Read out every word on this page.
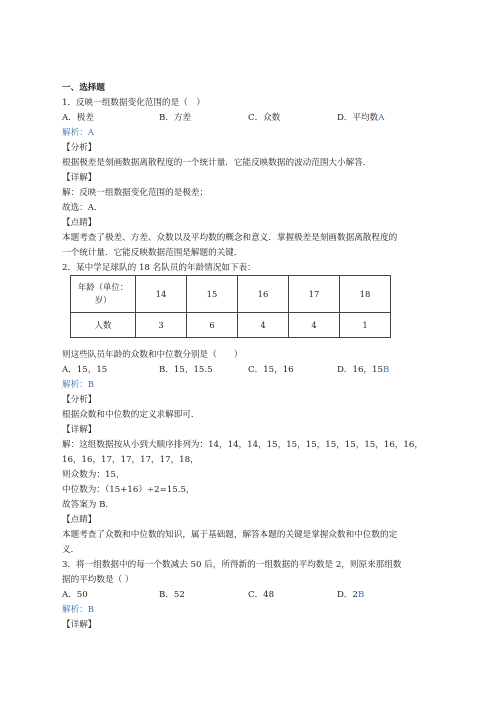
一、选择题
1．反映一组数据变化范围的是（　）
A．极差	B．方差	C．众数	D．平均数A
解析：A
【分析】
根据极差是刻画数据离散程度的一个统计量．它能反映数据的波动范围大小解答．
【详解】
解：反映一组数据变化范围的是极差；
故选：A．
【点睛】
本题考查了极差、方差、众数以及平均数的概念和意义．掌握极差是刻画数据离散程度的
一个统计量．它能反映数据范围是解题的关键．
2．某中学足球队的 18 名队员的年龄情况如下表：
年龄（单位：
岁）	14	15	16	17	18
人数	3	6	4	4	1
则这些队员年龄的众数和中位数分别是（　　）
A．15，15	B．15，15.5	C．15，16	D．16，15B
解析：B
【分析】
根据众数和中位数的定义求解即可．
【详解】
解：这组数据按从小到大顺序排列为：14，14，14，15，15，15，15，15，15，16，16，
16，16，17，17，17，17，18，
则众数为：15，
中位数为：（15+16）÷2=15.5，
故答案为 B．
【点睛】
本题考查了众数和中位数的知识，属于基础题，解答本题的关键是掌握众数和中位数的定
义．
3．将一组数据中的每一个数减去 50 后，所得新的一组数据的平均数是 2，则原来那组数
据的平均数是（ ）
A．50	B．52	C．48	D．2B
解析：B
【详解】
